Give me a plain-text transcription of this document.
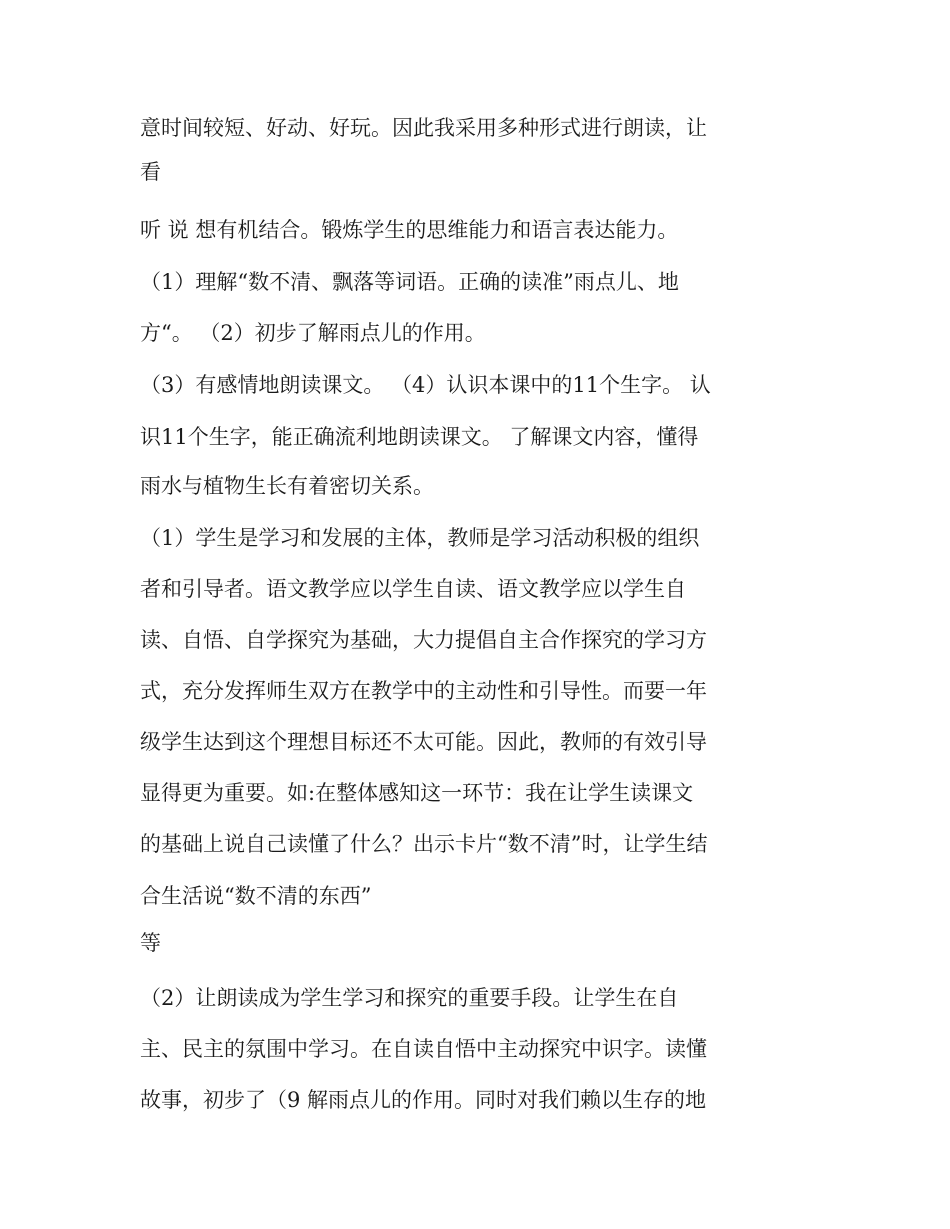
意时间较短、好动、好玩。因此我采用多种形式进行朗读，让

看

听 说 想有机结合。锻炼学生的思维能力和语言表达能力。

（1）理解“数不清、飘落等词语。正确的读准”雨点儿、地

方“。 （2）初步了解雨点儿的作用。

（3）有感情地朗读课文。 （4）认识本课中的11个生字。 认

识11个生字，能正确流利地朗读课文。 了解课文内容，懂得

雨水与植物生长有着密切关系。

（1）学生是学习和发展的主体，教师是学习活动积极的组织

者和引导者。语文教学应以学生自读、语文教学应以学生自

读、自悟、自学探究为基础，大力提倡自主合作探究的学习方

式，充分发挥师生双方在教学中的主动性和引导性。而要一年

级学生达到这个理想目标还不太可能。因此，教师的有效引导

显得更为重要。如:在整体感知这一环节：我在让学生读课文

的基础上说自己读懂了什么？出示卡片“数不清”时，让学生结

合生活说“数不清的东西”

等

（2）让朗读成为学生学习和探究的重要手段。让学生在自

主、民主的氛围中学习。在自读自悟中主动探究中识字。读懂

故事，初步了（9 解雨点儿的作用。同时对我们赖以生存的地
